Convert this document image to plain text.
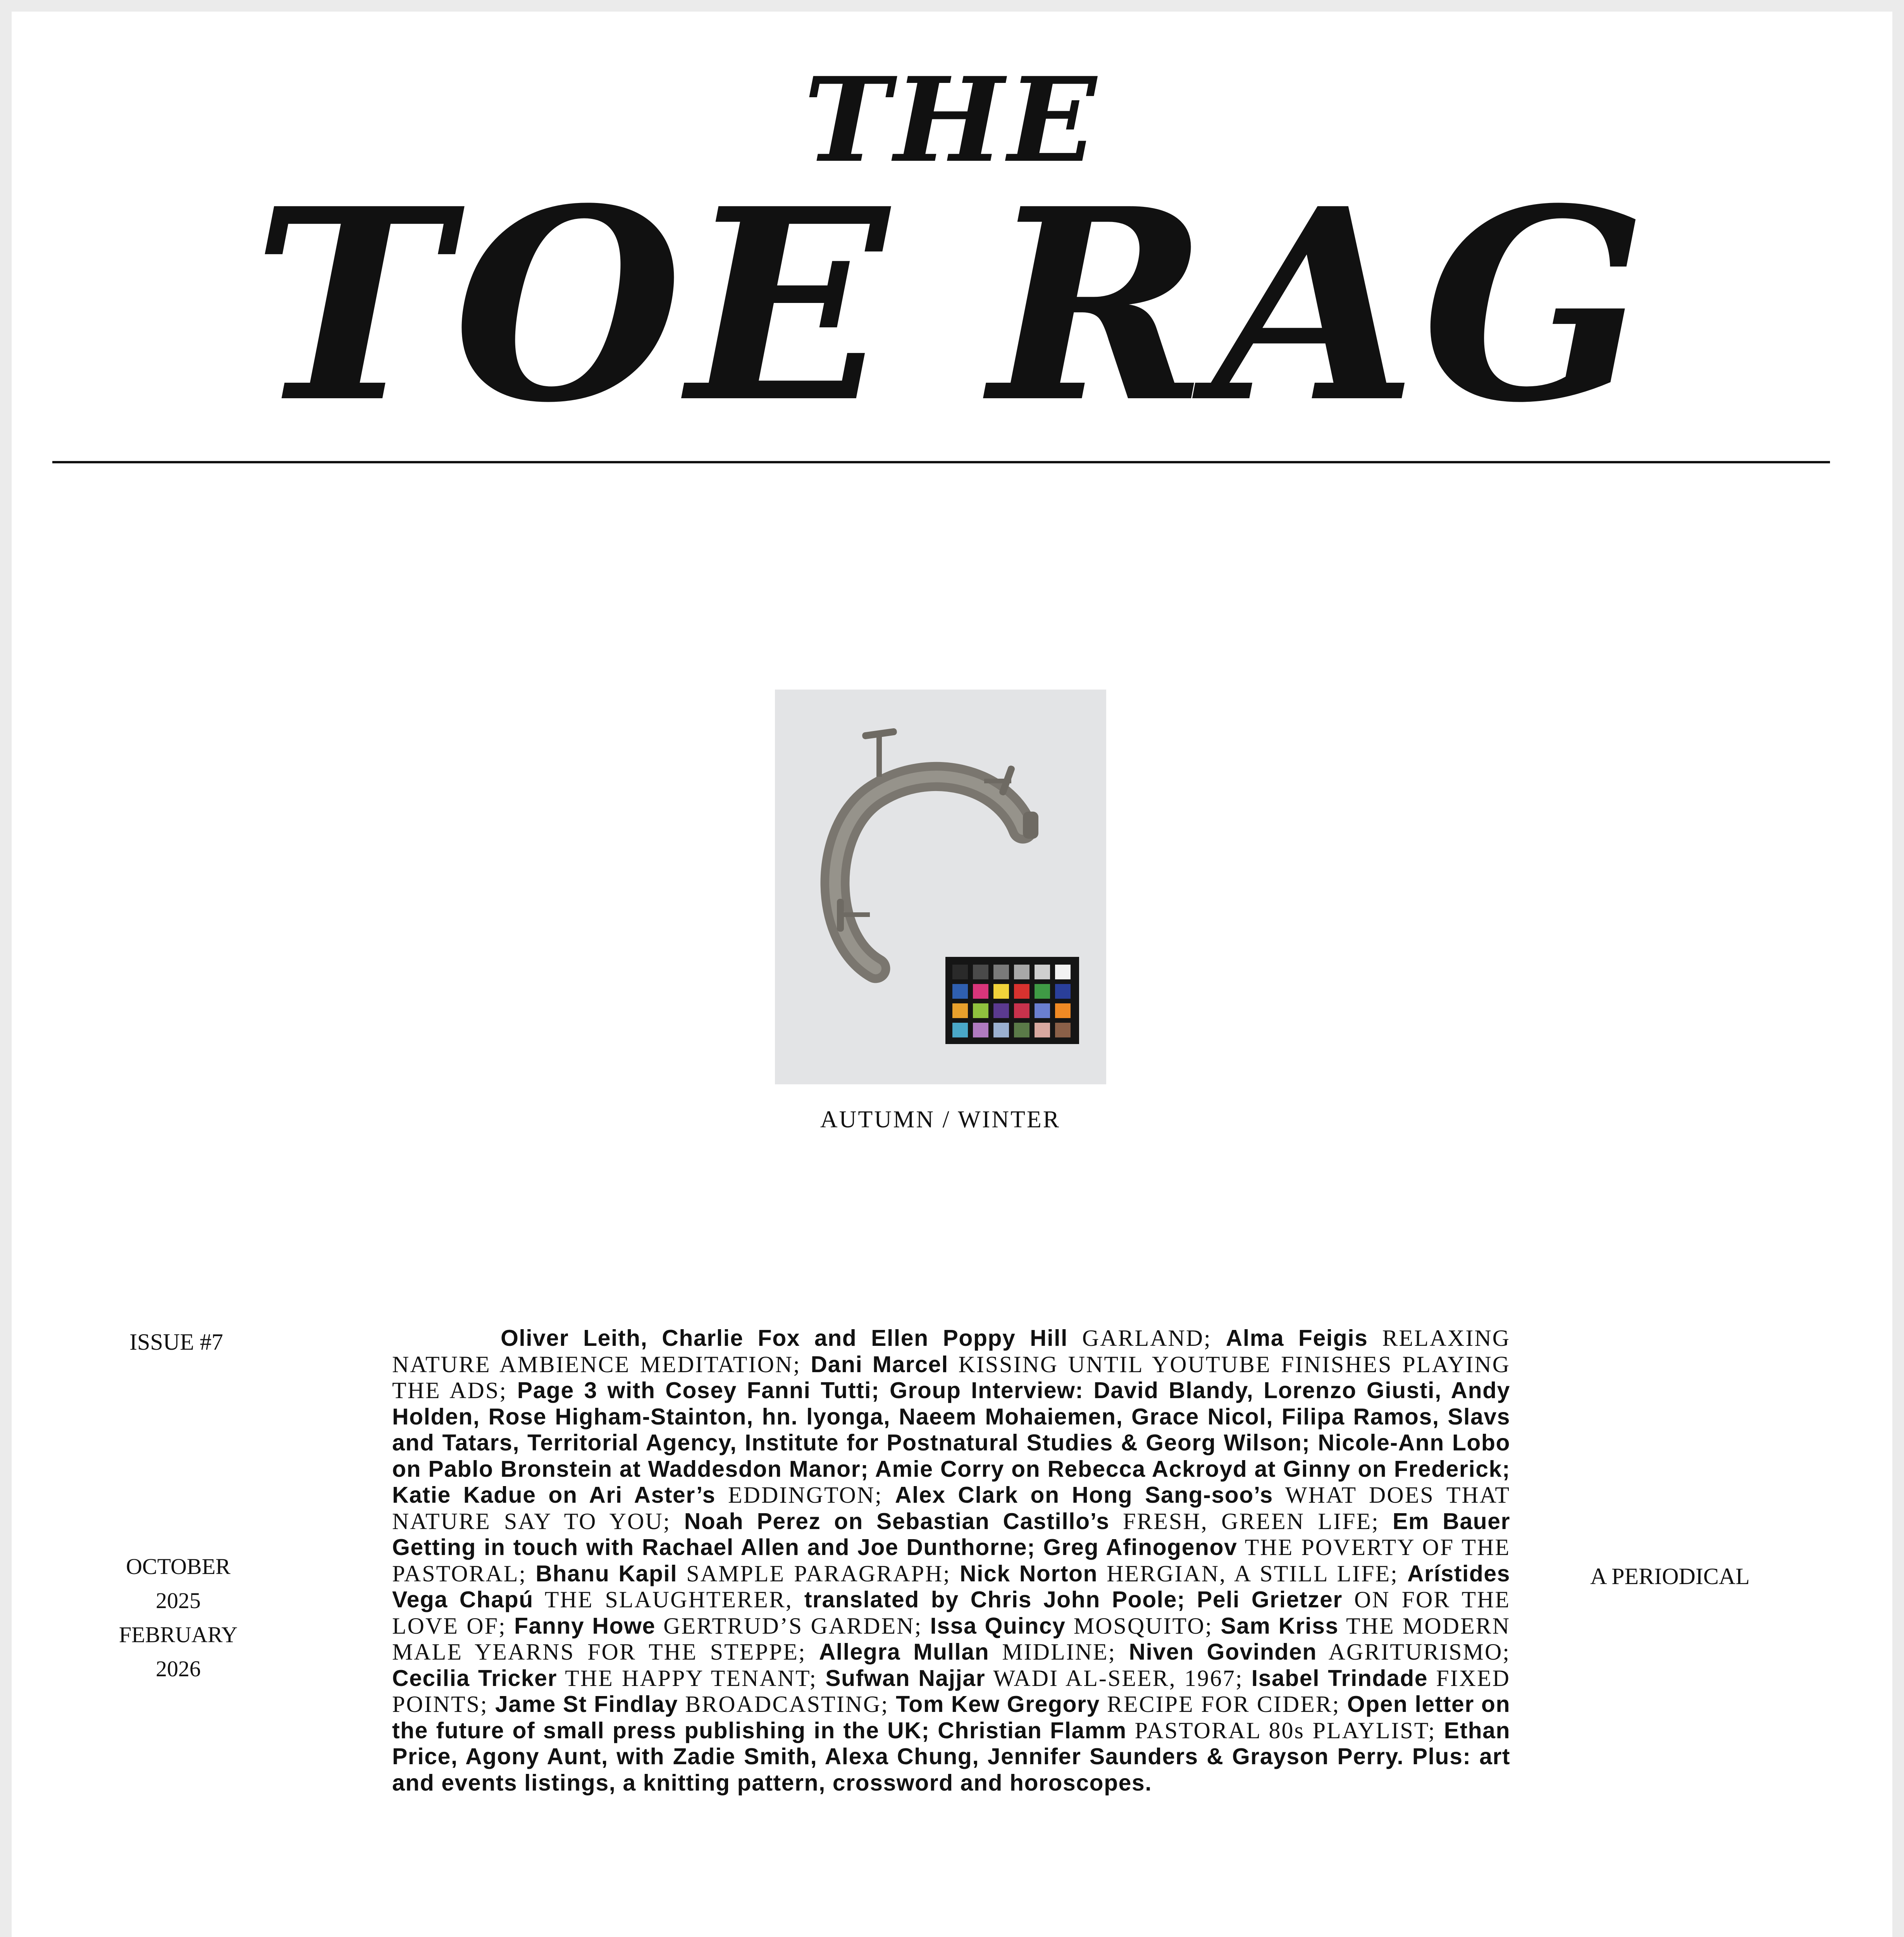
THE
TOE RAG
AUTUMN / WINTER
ISSUE #7
OCTOBER 2025
FEBRUARY 2026
A PERIODICAL
Oliver Leith, Charlie Fox and Ellen Poppy Hill GARLAND; Alma Feigis RELAXING NATURE AMBIENCE MEDITATION; Dani Marcel KISSING UNTIL YOUTUBE FINISHES PLAYING THE ADS; Page 3 with Cosey Fanni Tutti; Group Interview: David Blandy, Lorenzo Giusti, Andy Holden, Rose Higham-Stainton, hn. lyonga, Naeem Mohaiemen, Grace Nicol, Filipa Ramos, Slavs and Tatars, Territorial Agency, Institute for Postnatural Studies & Georg Wilson; Nicole-Ann Lobo on Pablo Bronstein at Waddesdon Manor; Amie Corry on Rebecca Ackroyd at Ginny on Frederick; Katie Kadue on Ari Aster’s EDDINGTON; Alex Clark on Hong Sang-soo’s WHAT DOES THAT NATURE SAY TO YOU; Noah Perez on Sebastian Castillo’s FRESH, GREEN LIFE; Em Bauer Getting in touch with Rachael Allen and Joe Dunthorne; Greg Afinogenov THE POVERTY OF THE PASTORAL; Bhanu Kapil SAMPLE PARAGRAPH; Nick Norton HERGIAN, A STILL LIFE; Arístides Vega Chapú THE SLAUGHTERER, translated by Chris John Poole; Peli Grietzer ON FOR THE LOVE OF; Fanny Howe GERTRUD’S GARDEN; Issa Quincy MOSQUITO; Sam Kriss THE MODERN MALE YEARNS FOR THE STEPPE; Allegra Mullan MIDLINE; Niven Govinden AGRITURISMO; Cecilia Tricker THE HAPPY TENANT; Sufwan Najjar WADI AL-SEER, 1967; Isabel Trindade FIXED POINTS; Jame St Findlay BROADCASTING; Tom Kew Gregory RECIPE FOR CIDER; Open letter on the future of small press publishing in the UK; Christian Flamm PASTORAL 80s PLAYLIST; Ethan Price, Agony Aunt, with Zadie Smith, Alexa Chung, Jennifer Saunders & Grayson Perry. Plus: art and events listings, a knitting pattern, crossword and horoscopes.
